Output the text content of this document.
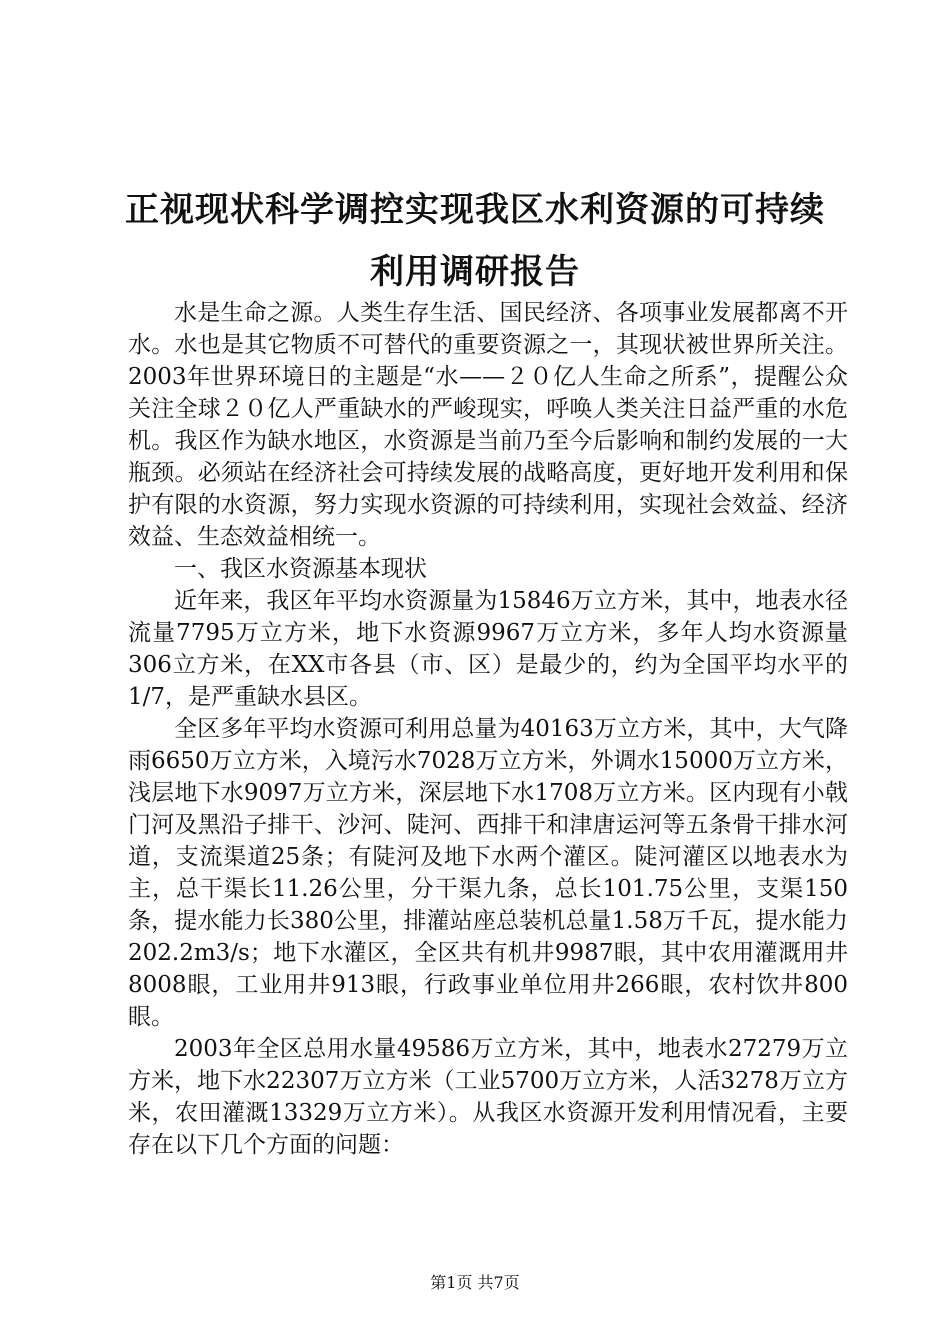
正视现状科学调控实现我区水利资源的可持续
利用调研报告

水是生命之源。人类生存生活、国民经济、各项事业发展都离不开水。水也是其它物质不可替代的重要资源之一，其现状被世界所关注。2003年世界环境日的主题是“水——２０亿人生命之所系”，提醒公众关注全球２０亿人严重缺水的严峻现实，呼唤人类关注日益严重的水危机。我区作为缺水地区，水资源是当前乃至今后影响和制约发展的一大瓶颈。必须站在经济社会可持续发展的战略高度，更好地开发利用和保护有限的水资源，努力实现水资源的可持续利用，实现社会效益、经济效益、生态效益相统一。

一、我区水资源基本现状

近年来，我区年平均水资源量为15846万立方米，其中，地表水径流量7795万立方米，地下水资源9967万立方米，多年人均水资源量306立方米，在XX市各县（市、区）是最少的，约为全国平均水平的1/7，是严重缺水县区。

全区多年平均水资源可利用总量为40163万立方米，其中，大气降雨6650万立方米，入境污水7028万立方米，外调水15000万立方米，浅层地下水9097万立方米，深层地下水1708万立方米。区内现有小戟门河及黑沿子排干、沙河、陡河、西排干和津唐运河等五条骨干排水河道，支流渠道25条；有陡河及地下水两个灌区。陡河灌区以地表水为主，总干渠长11.26公里，分干渠九条，总长101.75公里，支渠150条，提水能力长380公里，排灌站座总装机总量1.58万千瓦，提水能力202.2m3/s；地下水灌区，全区共有机井9987眼，其中农用灌溉用井8008眼，工业用井913眼，行政事业单位用井266眼，农村饮井800眼。

2003年全区总用水量49586万立方米，其中，地表水27279万立方米，地下水22307万立方米（工业5700万立方米，人活3278万立方米，农田灌溉13329万立方米）。从我区水资源开发利用情况看，主要存在以下几个方面的问题：

第1页 共7页
